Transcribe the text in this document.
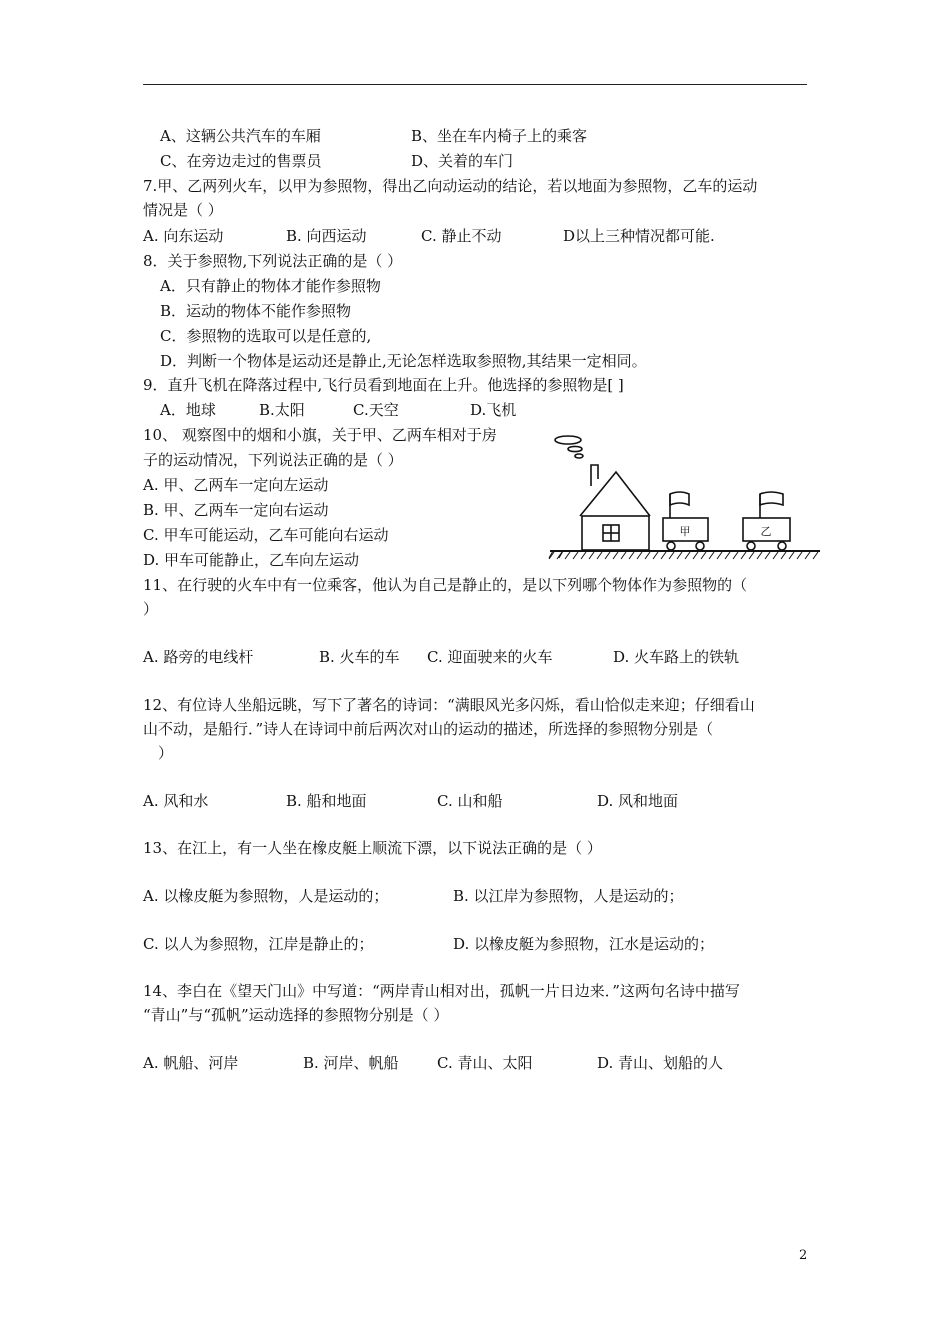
A、这辆公共汽车的车厢	B、坐在车内椅子上的乘客
C、在旁边走过的售票员	D、关着的车门
7.甲、乙两列火车，以甲为参照物，得出乙向动运动的结论，若以地面为参照物，乙车的运动
情况是（ ）
A. 向东运动	B. 向西运动	C. 静止不动	D以上三种情况都可能.
8．关于参照物,下列说法正确的是（ ）
A．只有静止的物体才能作参照物
B．运动的物体不能作参照物
C．参照物的选取可以是任意的,
D．判断一个物体是运动还是静止,无论怎样选取参照物,其结果一定相同。
9．直升飞机在降落过程中,飞行员看到地面在上升。他选择的参照物是[ ]
A．地球	B.太阳	C.天空	D.飞机
10、 观察图中的烟和小旗，关于甲、乙两车相对于房
子的运动情况，下列说法正确的是（ ）
A. 甲、乙两车一定向左运动
B. 甲、乙两车一定向右运动
C. 甲车可能运动，乙车可能向右运动
D. 甲车可能静止，乙车向左运动
11、在行驶的火车中有一位乘客，他认为自己是静止的，是以下列哪个物体作为参照物的（
）
A. 路旁的电线杆	B. 火车的车 C. 迎面驶来的火车	D. 火车路上的铁轨
12、有位诗人坐船远眺，写下了著名的诗词：“满眼风光多闪烁，看山恰似走来迎；仔细看山
山不动，是船行．”诗人在诗词中前后两次对山的运动的描述，所选择的参照物分别是（
）
A. 风和水	B. 船和地面	C. 山和船	D. 风和地面
13、在江上，有一人坐在橡皮艇上顺流下漂，以下说法正确的是（ ）
A. 以橡皮艇为参照物，人是运动的；	B. 以江岸为参照物，人是运动的；
C. 以人为参照物，江岸是静止的；	D. 以橡皮艇为参照物，江水是运动的；
14、李白在《望天门山》中写道：“两岸青山相对出，孤帆一片日边来．”这两句名诗中描写
“青山”与“孤帆”运动选择的参照物分别是（ ）
A. 帆船、河岸	B. 河岸、帆船	C. 青山、太阳	D. 青山、划船的人
甲	乙
2
